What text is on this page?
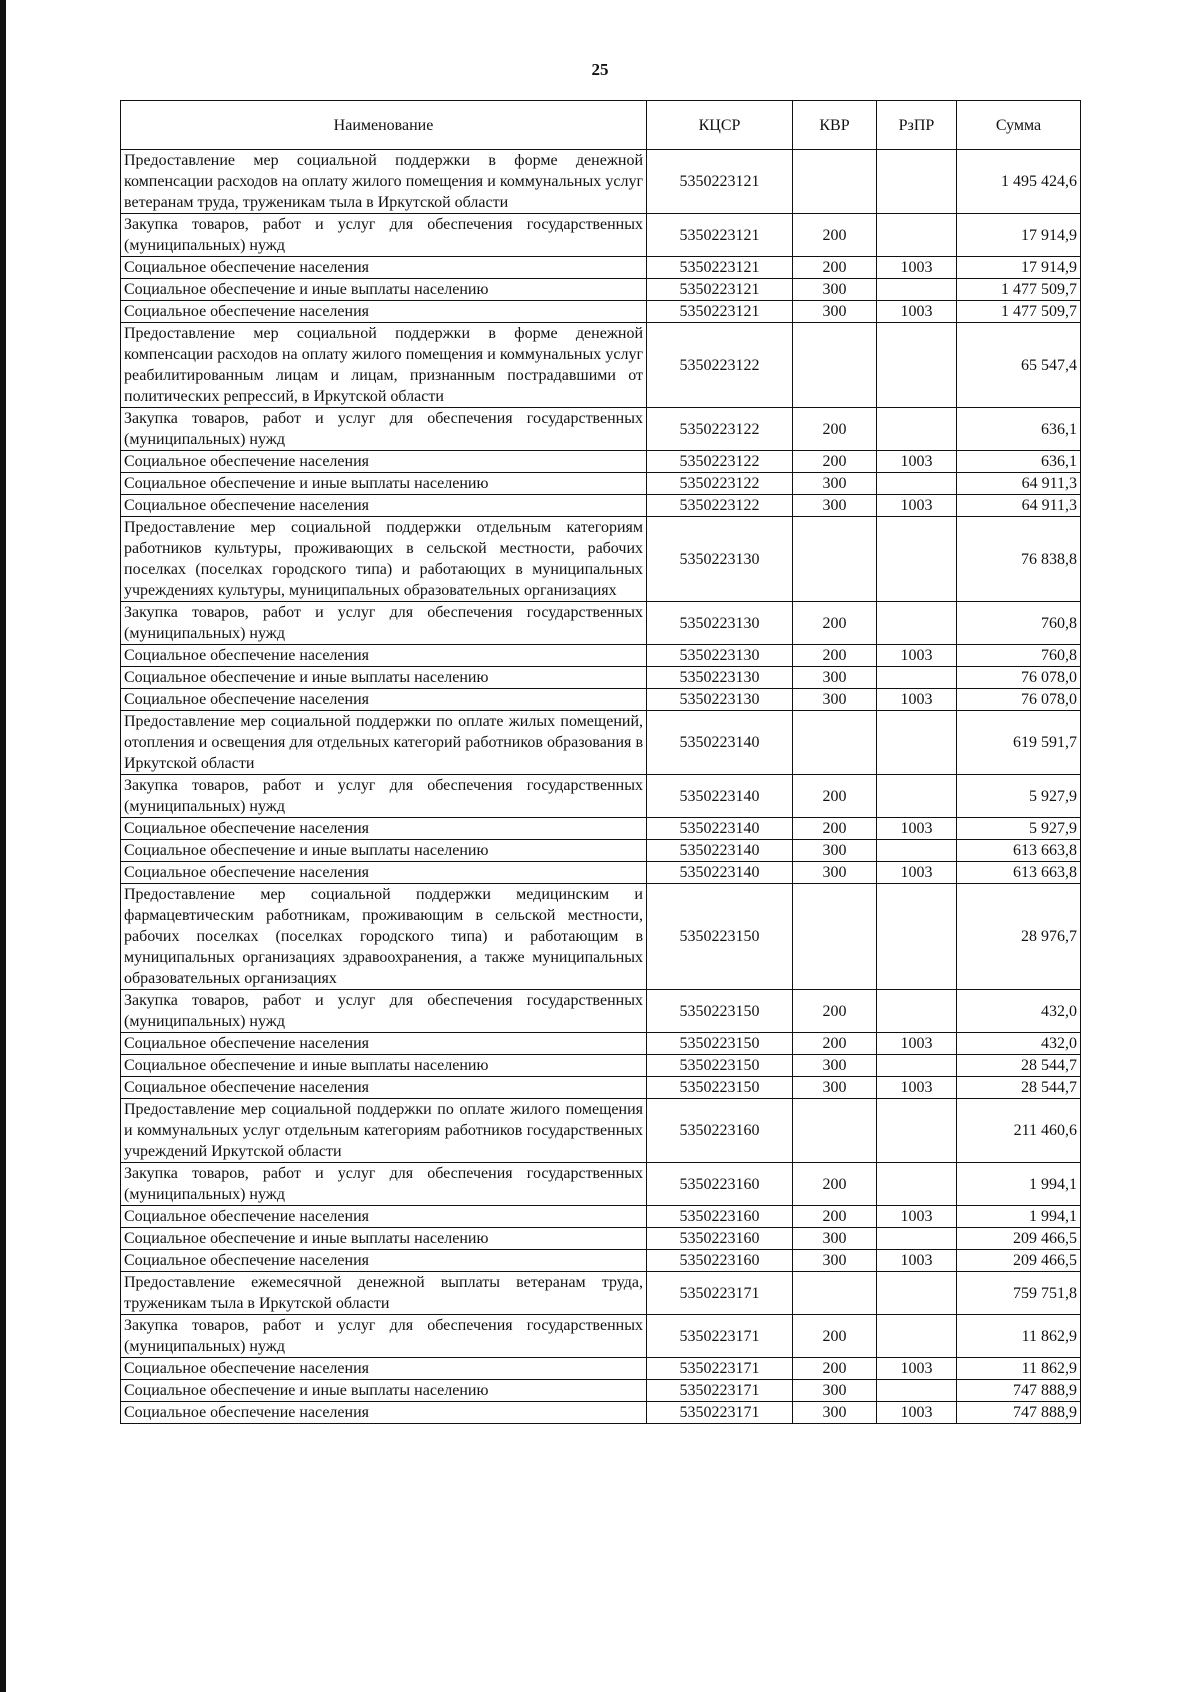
25
Наименование	КЦСР	КВР	РзПР	Сумма
Предоставление мер социальной поддержки в форме денежной компенсации расходов на оплату жилого помещения и коммунальных услуг ветеранам труда, труженикам тыла в Иркутской области	5350223121			1 495 424,6
Закупка товаров, работ и услуг для обеспечения государственных (муниципальных) нужд	5350223121	200		17 914,9
Социальное обеспечение населения	5350223121	200	1003	17 914,9
Социальное обеспечение и иные выплаты населению	5350223121	300		1 477 509,7
Социальное обеспечение населения	5350223121	300	1003	1 477 509,7
Предоставление мер социальной поддержки в форме денежной компенсации расходов на оплату жилого помещения и коммунальных услуг реабилитированным лицам и лицам, признанным пострадавшими от политических репрессий, в Иркутской области	5350223122			65 547,4
Закупка товаров, работ и услуг для обеспечения государственных (муниципальных) нужд	5350223122	200		636,1
Социальное обеспечение населения	5350223122	200	1003	636,1
Социальное обеспечение и иные выплаты населению	5350223122	300		64 911,3
Социальное обеспечение населения	5350223122	300	1003	64 911,3
Предоставление мер социальной поддержки отдельным категориям работников культуры, проживающих в сельской местности, рабочих поселках (поселках городского типа) и работающих в муниципальных учреждениях культуры, муниципальных образовательных организациях	5350223130			76 838,8
Закупка товаров, работ и услуг для обеспечения государственных (муниципальных) нужд	5350223130	200		760,8
Социальное обеспечение населения	5350223130	200	1003	760,8
Социальное обеспечение и иные выплаты населению	5350223130	300		76 078,0
Социальное обеспечение населения	5350223130	300	1003	76 078,0
Предоставление мер социальной поддержки по оплате жилых помещений, отопления и освещения для отдельных категорий работников образования в Иркутской области	5350223140			619 591,7
Закупка товаров, работ и услуг для обеспечения государственных (муниципальных) нужд	5350223140	200		5 927,9
Социальное обеспечение населения	5350223140	200	1003	5 927,9
Социальное обеспечение и иные выплаты населению	5350223140	300		613 663,8
Социальное обеспечение населения	5350223140	300	1003	613 663,8
Предоставление мер социальной поддержки медицинским и фармацевтическим работникам, проживающим в сельской местности, рабочих поселках (поселках городского типа) и работающим в муниципальных организациях здравоохранения, а также муниципальных образовательных организациях	5350223150			28 976,7
Закупка товаров, работ и услуг для обеспечения государственных (муниципальных) нужд	5350223150	200		432,0
Социальное обеспечение населения	5350223150	200	1003	432,0
Социальное обеспечение и иные выплаты населению	5350223150	300		28 544,7
Социальное обеспечение населения	5350223150	300	1003	28 544,7
Предоставление мер социальной поддержки по оплате жилого помещения и коммунальных услуг отдельным категориям работников государственных учреждений Иркутской области	5350223160			211 460,6
Закупка товаров, работ и услуг для обеспечения государственных (муниципальных) нужд	5350223160	200		1 994,1
Социальное обеспечение населения	5350223160	200	1003	1 994,1
Социальное обеспечение и иные выплаты населению	5350223160	300		209 466,5
Социальное обеспечение населения	5350223160	300	1003	209 466,5
Предоставление ежемесячной денежной выплаты ветеранам труда, труженикам тыла в Иркутской области	5350223171			759 751,8
Закупка товаров, работ и услуг для обеспечения государственных (муниципальных) нужд	5350223171	200		11 862,9
Социальное обеспечение населения	5350223171	200	1003	11 862,9
Социальное обеспечение и иные выплаты населению	5350223171	300		747 888,9
Социальное обеспечение населения	5350223171	300	1003	747 888,9
